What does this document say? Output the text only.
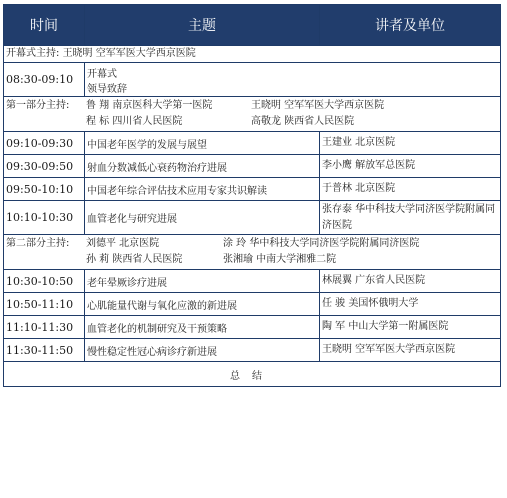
时间	主题	讲者及单位
开幕式主持: 王晓明 空军军医大学西京医院		
08:30-09:10	开幕式
领导致辞	

第一部分主持: 鲁 翔 南京医科大学第一医院 王晓明 空军军医大学西京医院
程 标 四川省人民医院 高敬龙 陕西省人民医院		

09:10-09:30	中国老年医学的发展与展望	王建业 北京医院
09:30-09:50	射血分数减低心衰药物治疗进展	李小鹰 解放军总医院
09:50-10:10	中国老年综合评估技术应用专家共识解读	于普林 北京医院
10:10-10:30	血管老化与研究进展	张存泰 华中科技大学同济医学院附属同济医院

第二部分主持: 刘德平 北京医院 涂 玲 华中科技大学同济医学院附属同济医院
孙 莉 陕西省人民医院 张湘瑜 中南大学湘雅二院		

10:30-10:50	老年晕厥诊疗进展	林展翼 广东省人民医院
10:50-11:10	心肌能量代谢与氧化应激的新进展	任 骏 美国怀俄明大学
11:10-11:30	血管老化的机制研究及干预策略	陶 军 中山大学第一附属医院
11:30-11:50	慢性稳定性冠心病诊疗新进展	王晓明 空军军医大学西京医院
总结		
